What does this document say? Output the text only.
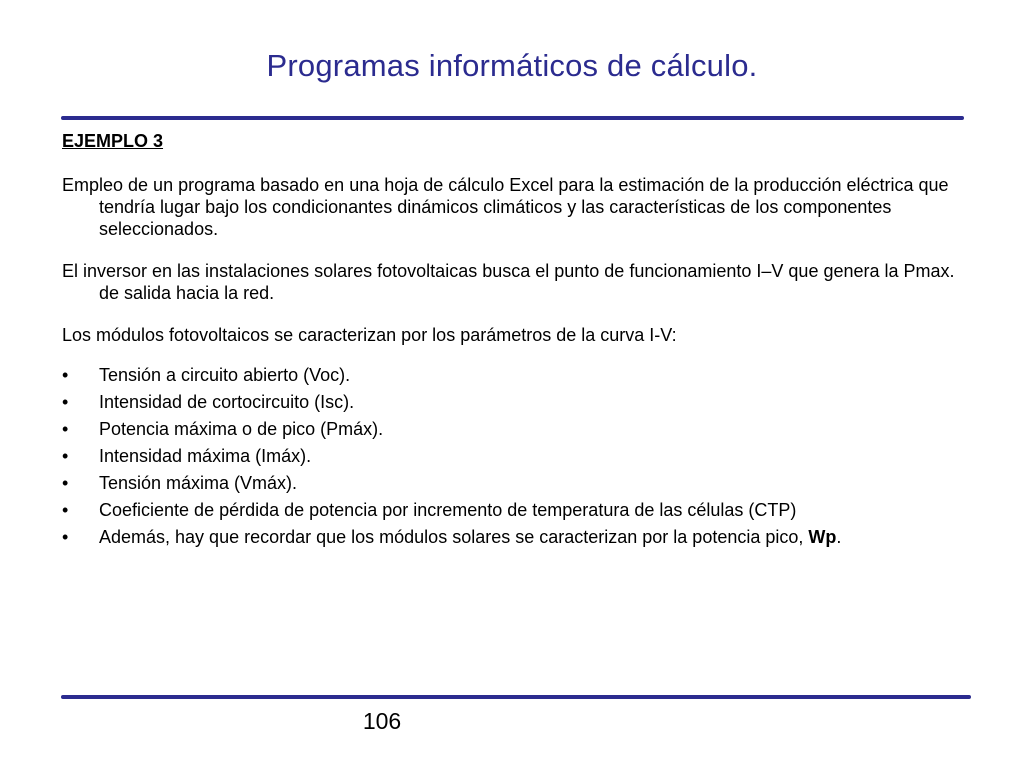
Programas informáticos de cálculo.
EJEMPLO 3

Empleo de un programa basado en una hoja de cálculo Excel para la estimación de la producción eléctrica que tendría lugar bajo los condicionantes dinámicos climáticos y las características de los componentes seleccionados.

El inversor en las instalaciones solares fotovoltaicas busca el punto de funcionamiento I–V que genera la Pmax. de salida hacia la red.

Los módulos fotovoltaicos se caracterizan por los parámetros de la curva I-V:

• Tensión a circuito abierto (Voc).
• Intensidad de cortocircuito (Isc).
• Potencia máxima o de pico (Pmáx).
• Intensidad máxima (Imáx).
• Tensión máxima (Vmáx).
• Coeficiente de pérdida de potencia por incremento de temperatura de las células (CTP)
• Además, hay que recordar que los módulos solares se caracterizan por la potencia pico, Wp.
106
